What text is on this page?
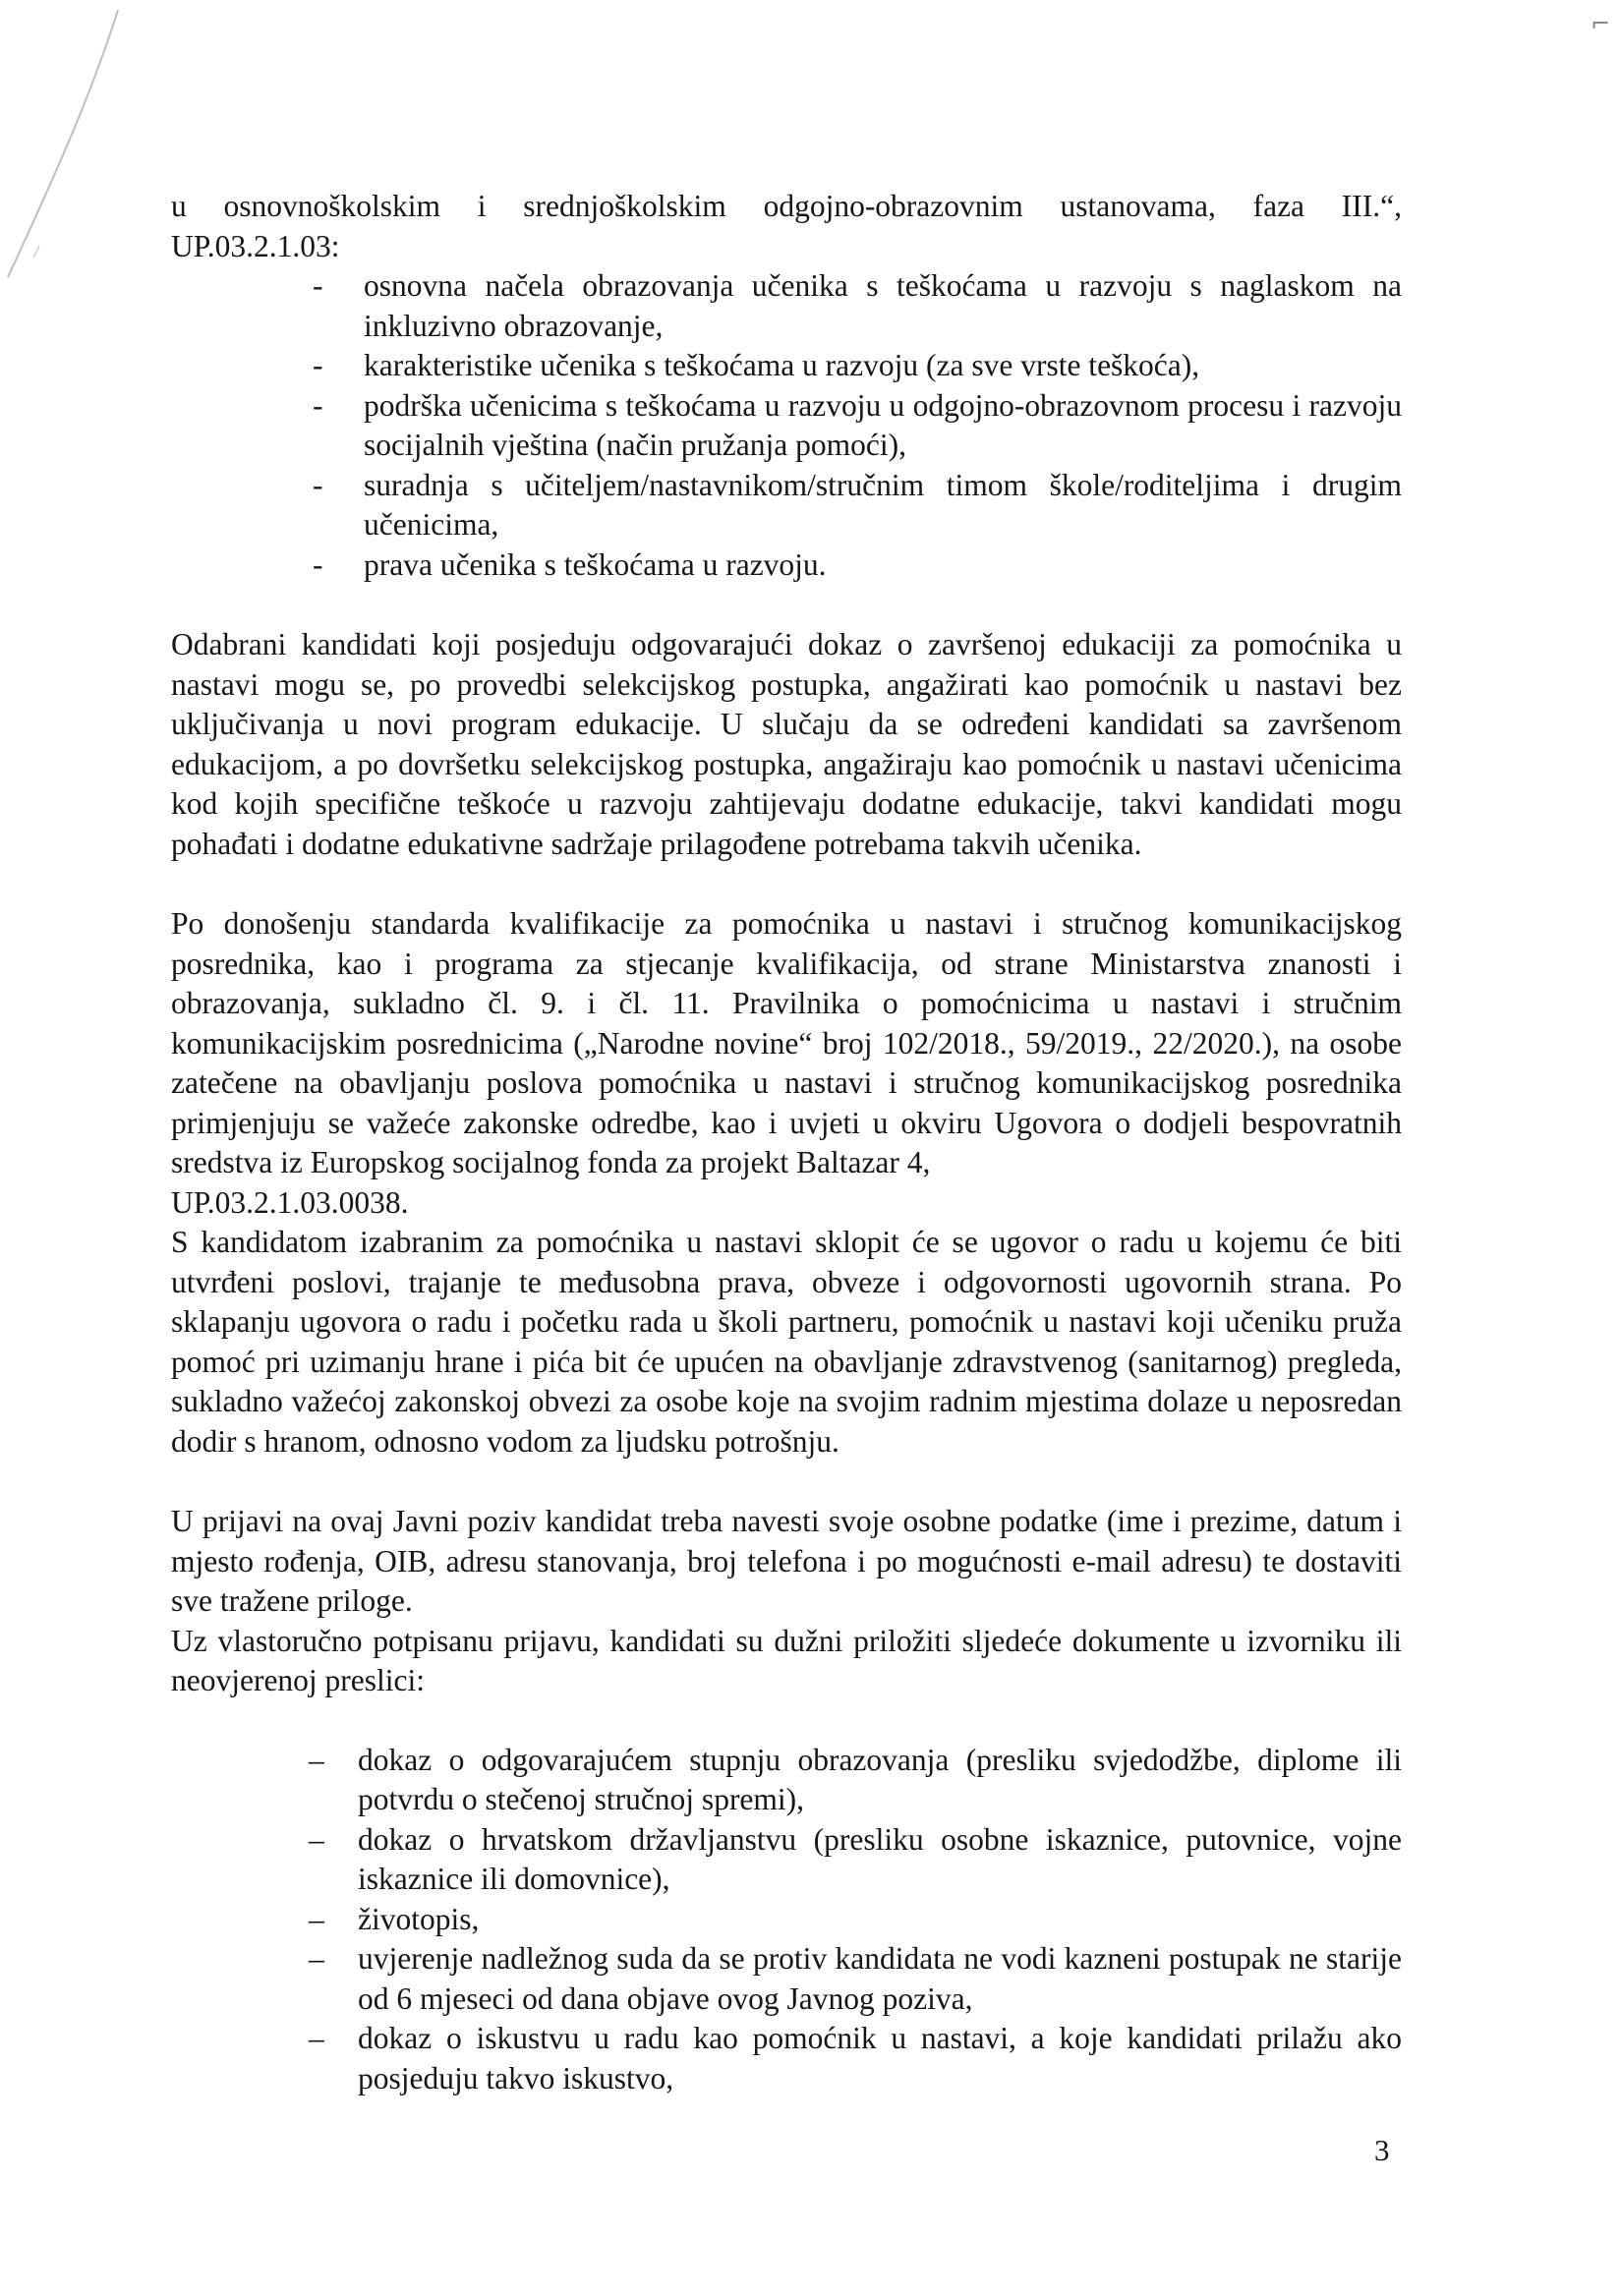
⌐

u osnovnoškolskim i srednjoškolskim odgojno-obrazovnim ustanovama, faza III.“,

UP.03.2.1.03:

- osnovna načela obrazovanja učenika s teškoćama u razvoju s naglaskom na inkluzivno obrazovanje,
- karakteristike učenika s teškoćama u razvoju (za sve vrste teškoća),
- podrška učenicima s teškoćama u razvoju u odgojno-obrazovnom procesu i razvoju socijalnih vještina (način pružanja pomoći),
- suradnja s učiteljem/nastavnikom/stručnim timom škole/roditeljima i drugim učenicima,
- prava učenika s teškoćama u razvoju.

Odabrani kandidati koji posjeduju odgovarajući dokaz o završenoj edukaciji za pomoćnika u nastavi mogu se, po provedbi selekcijskog postupka, angažirati kao pomoćnik u nastavi bez uključivanja u novi program edukacije. U slučaju da se određeni kandidati sa završenom edukacijom, a po dovršetku selekcijskog postupka, angažiraju kao pomoćnik u nastavi učenicima kod kojih specifične teškoće u razvoju zahtijevaju dodatne edukacije, takvi kandidati mogu pohađati i dodatne edukativne sadržaje prilagođene potrebama takvih učenika.

Po donošenju standarda kvalifikacije za pomoćnika u nastavi i stručnog komunikacijskog posrednika, kao i programa za stjecanje kvalifikacija, od strane Ministarstva znanosti i obrazovanja, sukladno čl. 9. i čl. 11. Pravilnika o pomoćnicima u nastavi i stručnim komunikacijskim posrednicima („Narodne novine“ broj 102/2018., 59/2019., 22/2020.), na osobe zatečene na obavljanju poslova pomoćnika u nastavi i stručnog komunikacijskog posrednika primjenjuju se važeće zakonske odredbe, kao i uvjeti u okviru Ugovora o dodjeli bespovratnih sredstva iz Europskog socijalnog fonda za projekt Baltazar 4,

UP.03.2.1.03.0038.

S kandidatom izabranim za pomoćnika u nastavi sklopit će se ugovor o radu u kojemu će biti utvrđeni poslovi, trajanje te međusobna prava, obveze i odgovornosti ugovornih strana. Po sklapanju ugovora o radu i početku rada u školi partneru, pomoćnik u nastavi koji učeniku pruža pomoć pri uzimanju hrane i pića bit će upućen na obavljanje zdravstvenog (sanitarnog) pregleda, sukladno važećoj zakonskoj obvezi za osobe koje na svojim radnim mjestima dolaze u neposredan dodir s hranom, odnosno vodom za ljudsku potrošnju.

U prijavi na ovaj Javni poziv kandidat treba navesti svoje osobne podatke (ime i prezime, datum i mjesto rođenja, OIB, adresu stanovanja, broj telefona i po mogućnosti e-mail adresu) te dostaviti sve tražene priloge.

Uz vlastoručno potpisanu prijavu, kandidati su dužni priložiti sljedeće dokumente u izvorniku ili neovjerenoj preslici:

– dokaz o odgovarajućem stupnju obrazovanja (presliku svjedodžbe, diplome ili potvrdu o stečenoj stručnoj spremi),
– dokaz o hrvatskom državljanstvu (presliku osobne iskaznice, putovnice, vojne iskaznice ili domovnice),
– životopis,
– uvjerenje nadležnog suda da se protiv kandidata ne vodi kazneni postupak ne starije od 6 mjeseci od dana objave ovog Javnog poziva,
– dokaz o iskustvu u radu kao pomoćnik u nastavi, a koje kandidati prilažu ako posjeduju takvo iskustvo,
3
